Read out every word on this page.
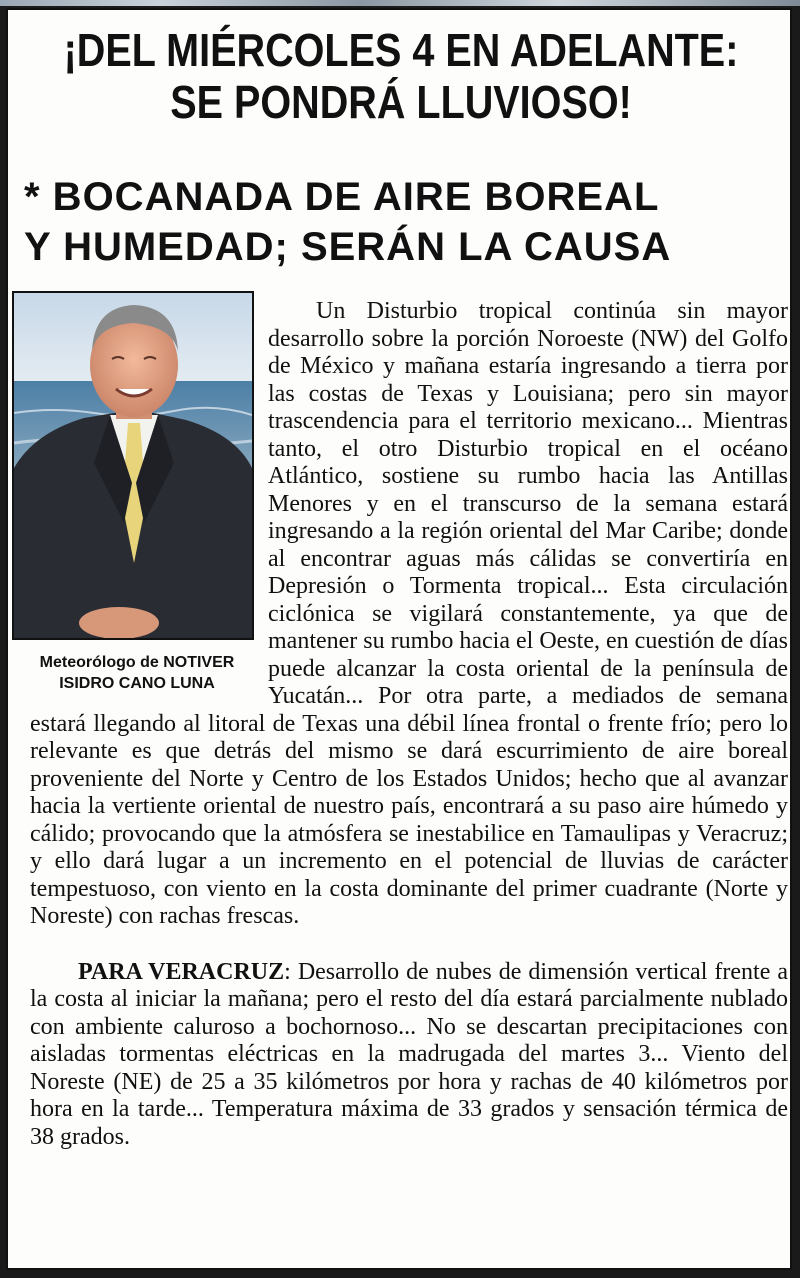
¡DEL MIÉRCOLES 4 EN ADELANTE:
SE PONDRÁ LLUVIOSO!
* BOCANADA DE AIRE BOREAL
Y HUMEDAD; SERÁN LA CAUSA
Meteorólogo de NOTIVER
ISIDRO CANO LUNA

Un Disturbio tropical continúa sin mayor desarrollo sobre la porción Noroeste (NW) del Golfo de México y mañana estaría ingresando a tierra por las costas de Texas y Louisiana; pero sin mayor trascendencia para el territorio mexicano... Mientras tanto, el otro Disturbio tropical en el océano Atlántico, sostiene su rumbo hacia las Antillas Menores y en el transcurso de la semana estará ingresando a la región oriental del Mar Caribe; donde al encontrar aguas más cálidas se convertiría en Depresión o Tormenta tropical... Esta circulación ciclónica se vigilará constantemente, ya que de mantener su rumbo hacia el Oeste, en cuestión de días puede alcanzar la costa oriental de la península de Yucatán... Por otra parte, a mediados de semana estará llegando al litoral de Texas una débil línea frontal o frente frío; pero lo relevante es que detrás del mismo se dará escurrimiento de aire boreal proveniente del Norte y Centro de los Estados Unidos; hecho que al avanzar hacia la vertiente oriental de nuestro país, encontrará a su paso aire húmedo y cálido; provocando que la atmósfera se inestabilice en Tamaulipas y Veracruz; y ello dará lugar a un incremento en el potencial de lluvias de carácter tempestuoso, con viento en la costa dominante del primer cuadrante (Norte y Noreste) con rachas frescas.

PARA VERACRUZ: Desarrollo de nubes de dimensión vertical frente a la costa al iniciar la mañana; pero el resto del día estará parcialmente nublado con ambiente caluroso a bochornoso... No se descartan precipitaciones con aisladas tormentas eléctricas en la madrugada del martes 3... Viento del Noreste (NE) de 25 a 35 kilómetros por hora y rachas de 40 kilómetros por hora en la tarde... Temperatura máxima de 33 grados y sensación térmica de 38 grados.
